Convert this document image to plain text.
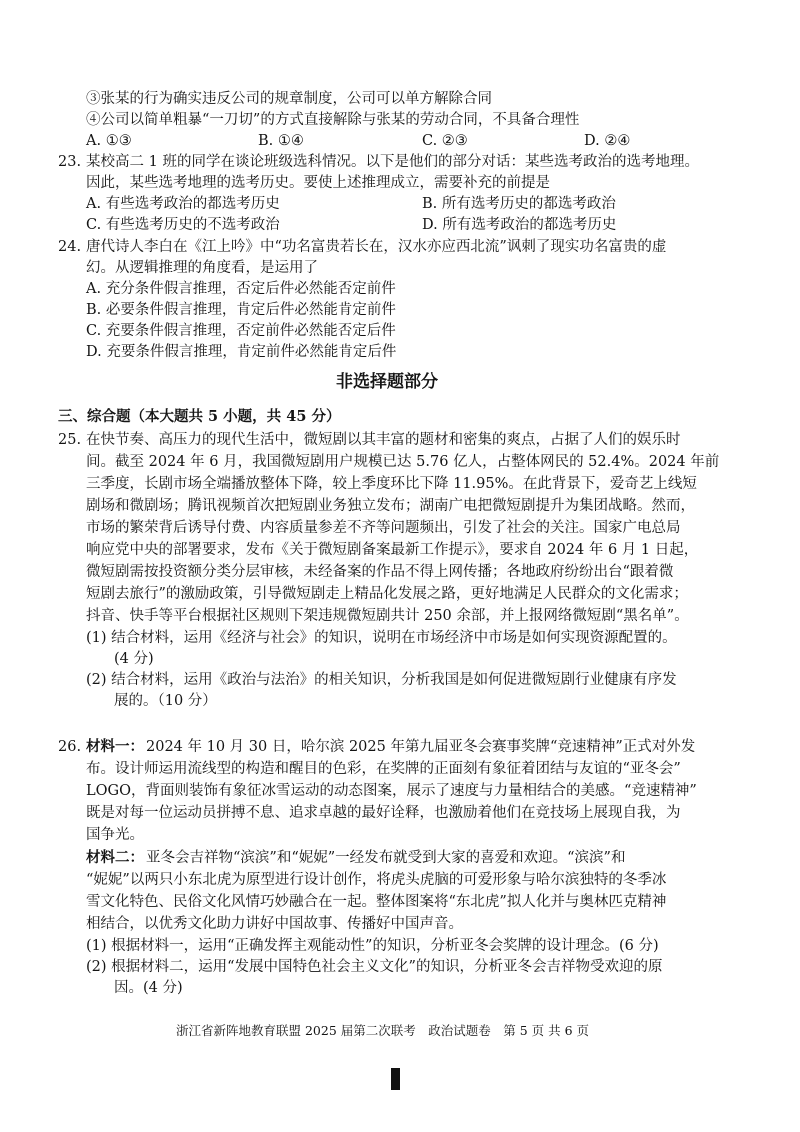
③张某的行为确实违反公司的规章制度，公司可以单方解除合同
④公司以简单粗暴“一刀切”的方式直接解除与张某的劳动合同，不具备合理性
A. ①③	B. ①④	C. ②③	D. ②④
23. 某校高二 1 班的同学在谈论班级选科情况。以下是他们的部分对话：某些选考政治的选考地理。
因此，某些选考地理的选考历史。要使上述推理成立，需要补充的前提是
A. 有些选考政治的都选考历史	B. 所有选考历史的都选考政治
C. 有些选考历史的不选考政治	D. 所有选考政治的都选考历史
24. 唐代诗人李白在《江上吟》中“功名富贵若长在，汉水亦应西北流”讽刺了现实功名富贵的虚
幻。从逻辑推理的角度看，是运用了
A. 充分条件假言推理，否定后件必然能否定前件
B. 必要条件假言推理，肯定后件必然能肯定前件
C. 充要条件假言推理，否定前件必然能否定后件
D. 充要条件假言推理，肯定前件必然能肯定后件
非选择题部分
三、综合题（本大题共 5 小题，共 45 分）
25. 在快节奏、高压力的现代生活中，微短剧以其丰富的题材和密集的爽点，占据了人们的娱乐时
间。截至 2024 年 6 月，我国微短剧用户规模已达 5.76 亿人，占整体网民的 52.4%。2024 年前
三季度，长剧市场全端播放整体下降，较上季度环比下降 11.95%。在此背景下，爱奇艺上线短
剧场和微剧场；腾讯视频首次把短剧业务独立发布；湖南广电把微短剧提升为集团战略。然而，
市场的繁荣背后诱导付费、内容质量参差不齐等问题频出，引发了社会的关注。国家广电总局
响应党中央的部署要求，发布《关于微短剧备案最新工作提示》，要求自 2024 年 6 月 1 日起，
微短剧需按投资额分类分层审核，未经备案的作品不得上网传播；各地政府纷纷出台“跟着微
短剧去旅行”的激励政策，引导微短剧走上精品化发展之路，更好地满足人民群众的文化需求；
抖音、快手等平台根据社区规则下架违规微短剧共计 250 余部，并上报网络微短剧“黑名单”。
(1) 结合材料，运用《经济与社会》的知识，说明在市场经济中市场是如何实现资源配置的。
(4 分)
(2) 结合材料，运用《政治与法治》的相关知识，分析我国是如何促进微短剧行业健康有序发
展的。（10 分）
26. 材料一： 2024 年 10 月 30 日，哈尔滨 2025 年第九届亚冬会赛事奖牌“竞速精神”正式对外发
布。设计师运用流线型的构造和醒目的色彩，在奖牌的正面刻有象征着团结与友谊的“亚冬会”
LOGO，背面则装饰有象征冰雪运动的动态图案，展示了速度与力量相结合的美感。“竞速精神”
既是对每一位运动员拼搏不息、追求卓越的最好诠释，也激励着他们在竞技场上展现自我，为
国争光。
材料二： 亚冬会吉祥物“滨滨”和“妮妮”一经发布就受到大家的喜爱和欢迎。“滨滨”和
“妮妮”以两只小东北虎为原型进行设计创作，将虎头虎脑的可爱形象与哈尔滨独特的冬季冰
雪文化特色、民俗文化风情巧妙融合在一起。整体图案将“东北虎”拟人化并与奥林匹克精神
相结合，以优秀文化助力讲好中国故事、传播好中国声音。
(1) 根据材料一，运用“正确发挥主观能动性”的知识，分析亚冬会奖牌的设计理念。(6 分)
(2) 根据材料二，运用“发展中国特色社会主义文化”的知识，分析亚冬会吉祥物受欢迎的原
因。(4 分)
浙江省新阵地教育联盟 2025 届第二次联考　政治试题卷　第 5 页 共 6 页
